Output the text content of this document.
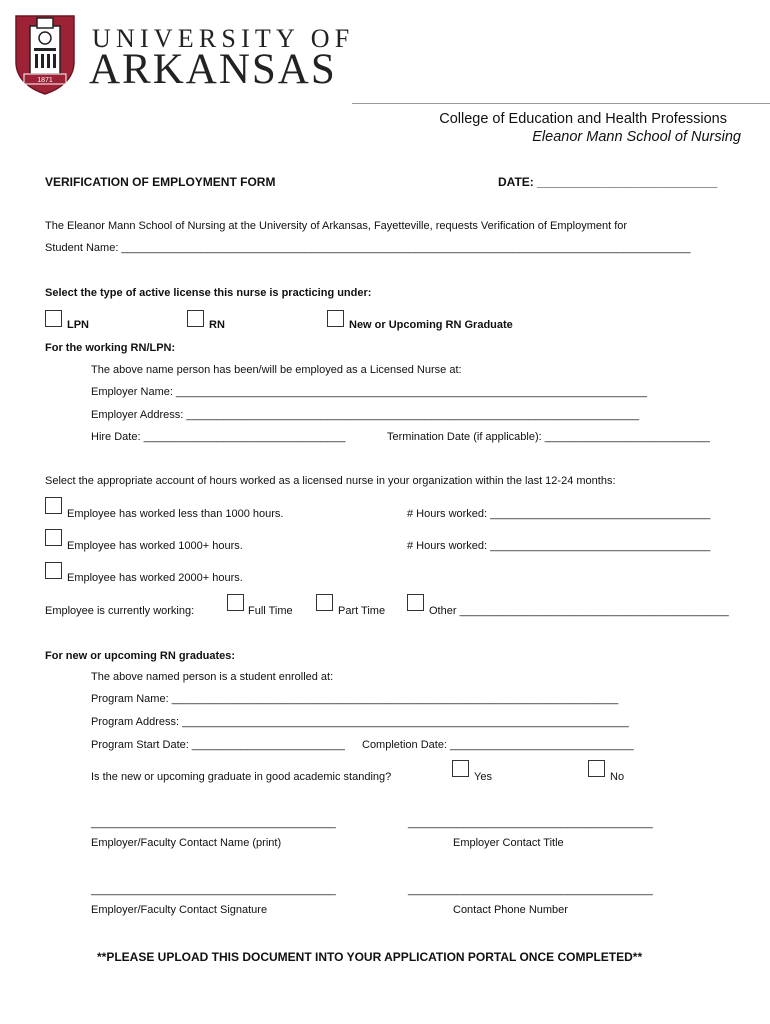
1871
UNIVERSITY OF
ARKANSAS
College of Education and Health Professions
Eleanor Mann School of Nursing
VERIFICATION OF EMPLOYMENT FORM	DATE: ___________________________
The Eleanor Mann School of Nursing at the University of Arkansas, Fayetteville, requests Verification of Employment for
Student Name: _____________________________________________________________________________________________
Select the type of active license this nurse is practicing under:
LPN	RN	New or Upcoming RN Graduate
For the working RN/LPN:
The above name person has been/will be employed as a Licensed Nurse at:
Employer Name: _____________________________________________________________________________
Employer Address: __________________________________________________________________________
Hire Date: _________________________________	Termination Date (if applicable): ___________________________
Select the appropriate account of hours worked as a licensed nurse in your organization within the last 12-24 months:
Employee has worked less than 1000 hours.	# Hours worked: ____________________________________
Employee has worked 1000+ hours.	# Hours worked: ____________________________________
Employee has worked 2000+ hours.
Employee is currently working:	Full Time	Part Time	Other ____________________________________________
For new or upcoming RN graduates:
The above named person is a student enrolled at:
Program Name: _________________________________________________________________________
Program Address: _________________________________________________________________________
Program Start Date: _________________________ Completion Date: ______________________________
Is the new or upcoming graduate in good academic standing?	Yes	No
________________________________________	________________________________________
Employer/Faculty Contact Name (print)	Employer Contact Title
________________________________________	________________________________________
Employer/Faculty Contact Signature	Contact Phone Number
**PLEASE UPLOAD THIS DOCUMENT INTO YOUR APPLICATION PORTAL ONCE COMPLETED**
